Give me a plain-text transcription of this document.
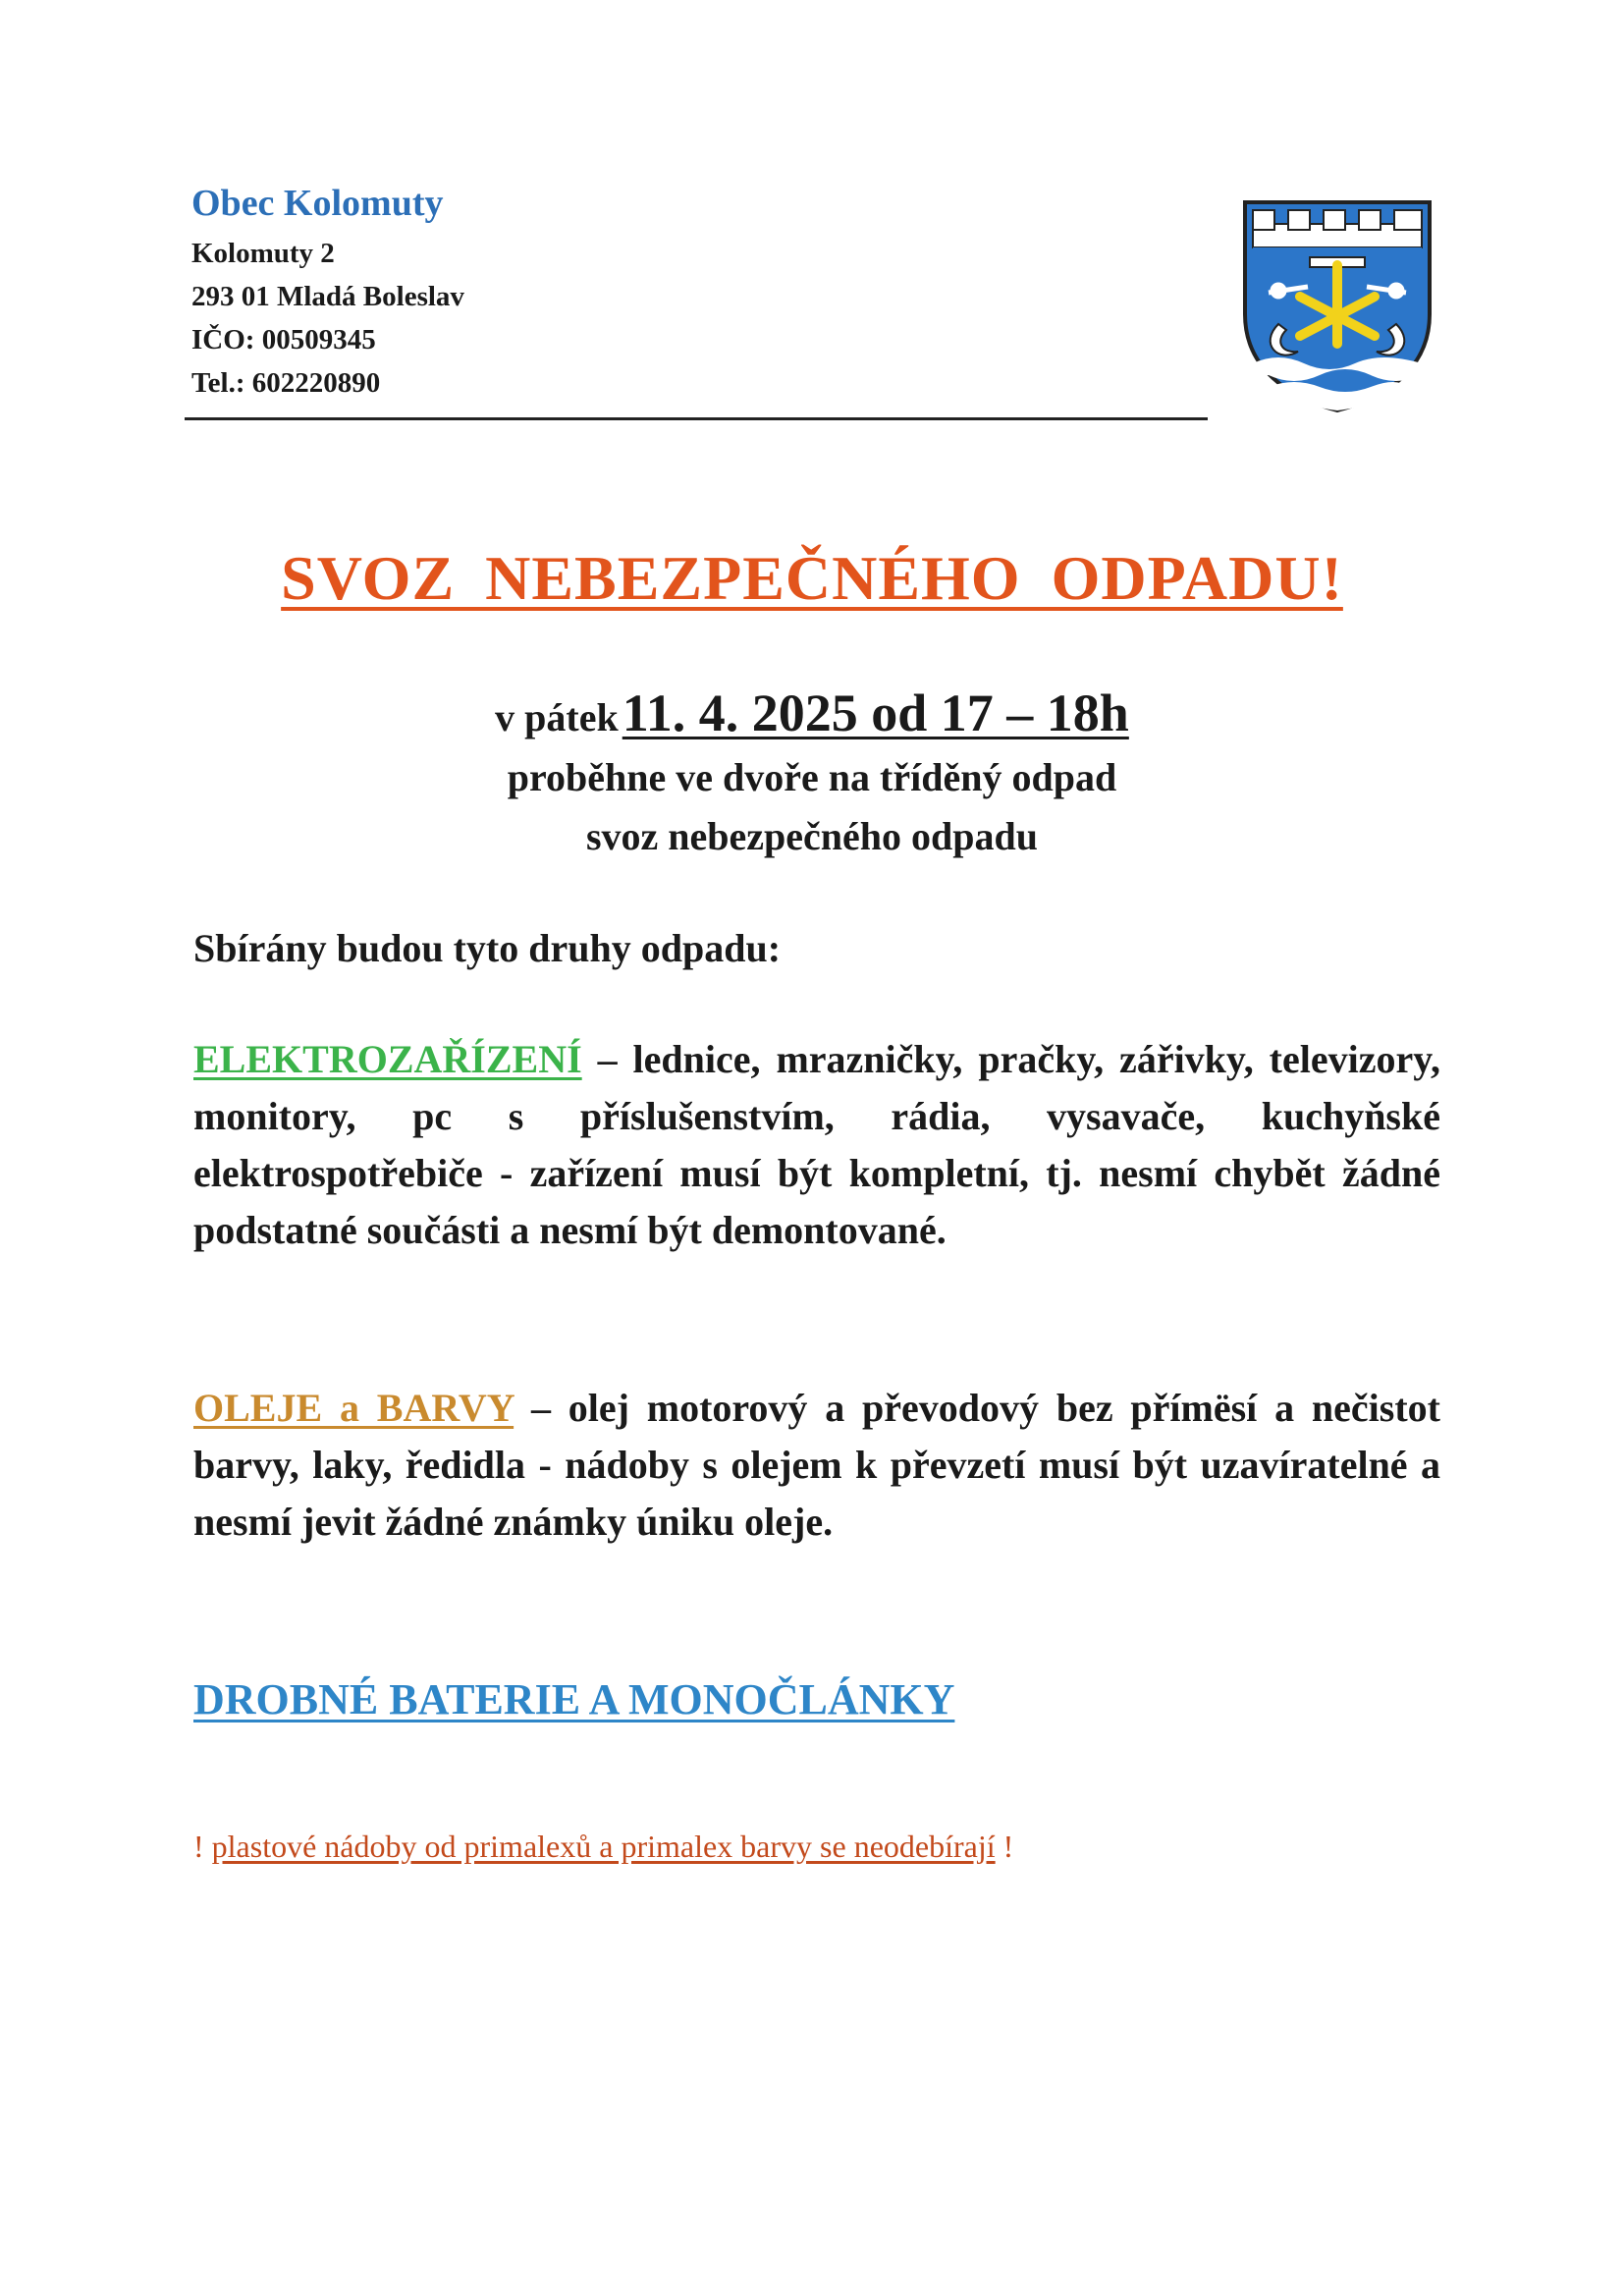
Obec Kolomuty
Kolomuty 2
293 01 Mladá Boleslav
IČO: 00509345
Tel.: 602220890
SVOZ NEBEZPEČNÉHO ODPADU!
v pátek 11. 4. 2025 od 17 – 18h
proběhne ve dvoře na tříděný odpad
svoz nebezpečného odpadu
Sbírány budou tyto druhy odpadu:
ELEKTROZAŘÍZENÍ – lednice, mrazničky, pračky, zářivky, televizory, monitory, pc s příslušenstvím, rádia, vysavače, kuchyňské elektrospotřebiče - zařízení musí být kompletní, tj. nesmí chybět žádné podstatné součásti a nesmí být demontované.
OLEJE a BARVY – olej motorový a převodový bez přímësí a nečistot barvy, laky, ředidla - nádoby s olejem k převzetí musí být uzavíratelné a nesmí jevit žádné známky úniku oleje.
DROBNÉ BATERIE A MONOČLÁNKY
! plastové nádoby od primalexů a primalex barvy se neodebírají !
